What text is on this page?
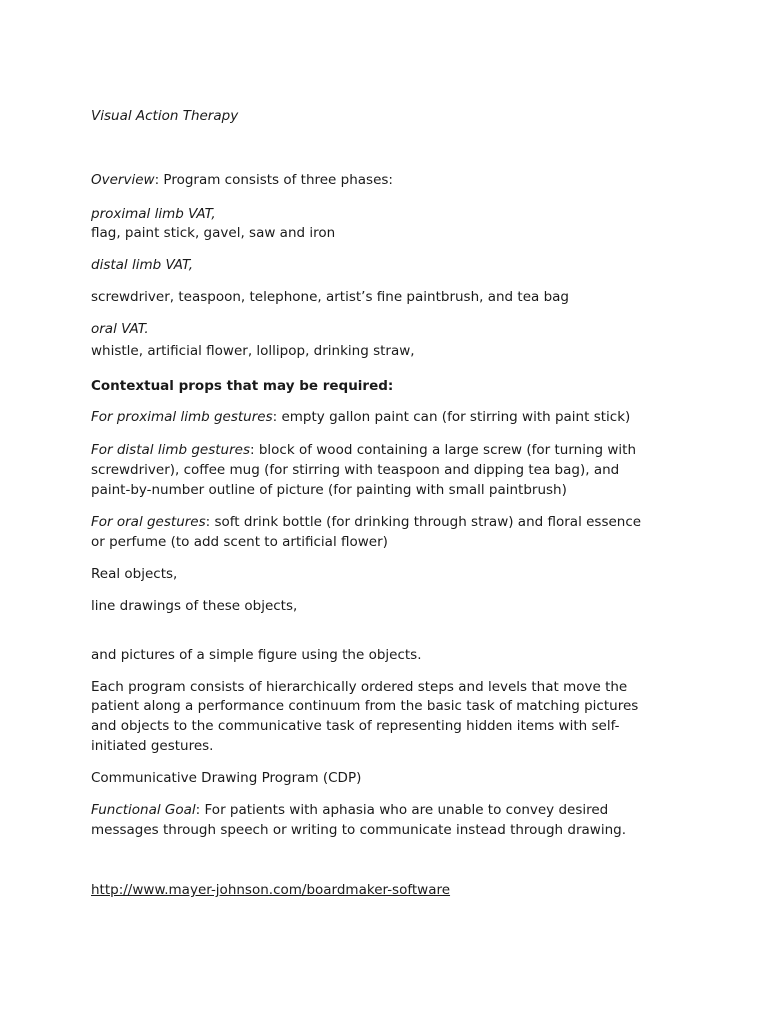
Visual Action Therapy

Overview: Program consists of three phases:

proximal limb VAT,

flag, paint stick, gavel, saw and iron

distal limb VAT,

screwdriver, teaspoon, telephone, artist’s fine paintbrush, and tea bag

oral VAT.

whistle, artificial flower, lollipop, drinking straw,

Contextual props that may be required:

For proximal limb gestures: empty gallon paint can (for stirring with paint stick)

For distal limb gestures: block of wood containing a large screw (for turning with

screwdriver), coffee mug (for stirring with teaspoon and dipping tea bag), and

paint-by-number outline of picture (for painting with small paintbrush)

For oral gestures: soft drink bottle (for drinking through straw) and floral essence

or perfume (to add scent to artificial flower)

Real objects,

line drawings of these objects,

and pictures of a simple figure using the objects.

Each program consists of hierarchically ordered steps and levels that move the

patient along a performance continuum from the basic task of matching pictures

and objects to the communicative task of representing hidden items with self-

initiated gestures.

Communicative Drawing Program (CDP)

Functional Goal: For patients with aphasia who are unable to convey desired

messages through speech or writing to communicate instead through drawing.

http://www.mayer-johnson.com/boardmaker-software
